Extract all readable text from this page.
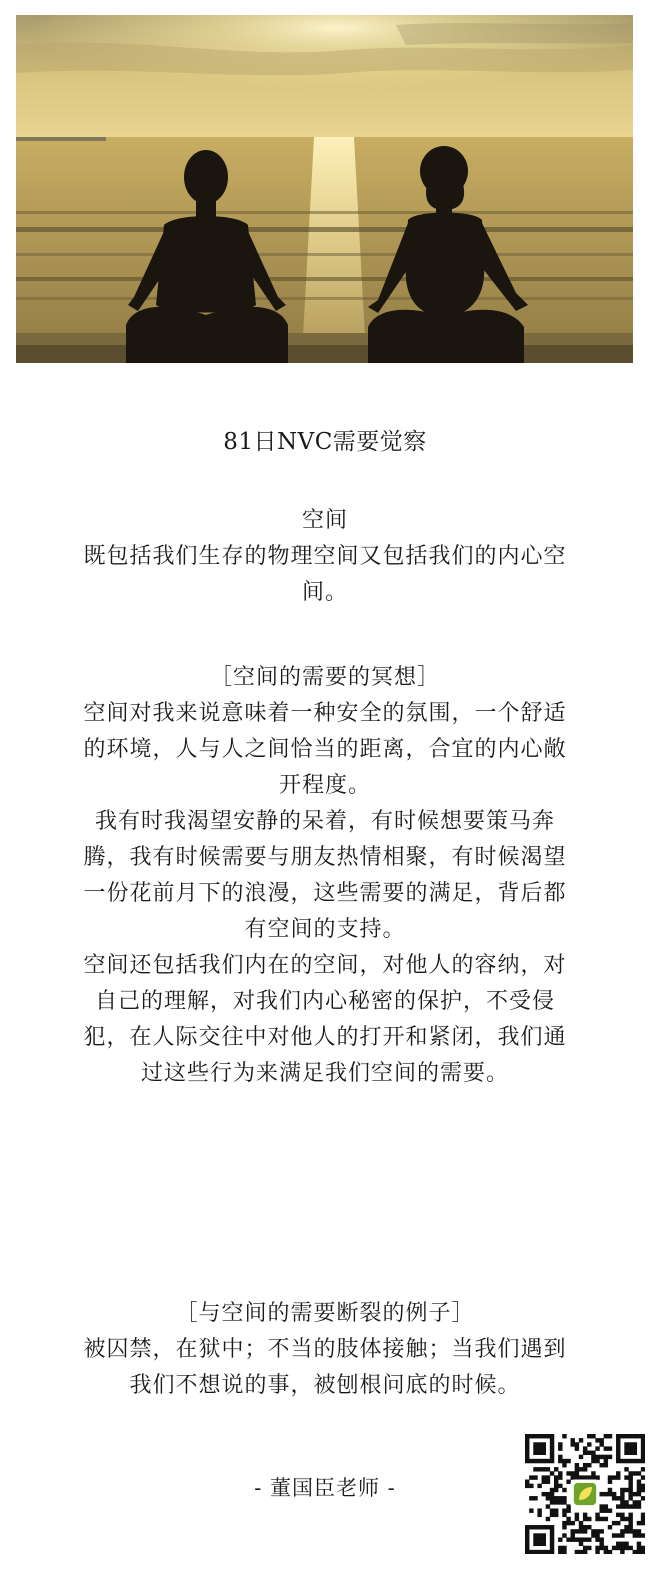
81日NVC需要觉察

空间

既包括我们生存的物理空间又包括我们的内心空间。

［空间的需要的冥想］

空间对我来说意味着一种安全的氛围，一个舒适的环境，人与人之间恰当的距离，合宜的内心敞开程度。

我有时我渴望安静的呆着，有时候想要策马奔腾，我有时候需要与朋友热情相聚，有时候渴望一份花前月下的浪漫，这些需要的满足，背后都有空间的支持。

空间还包括我们内在的空间，对他人的容纳，对自己的理解，对我们内心秘密的保护，不受侵犯，在人际交往中对他人的打开和紧闭，我们通过这些行为来满足我们空间的需要。

［与空间的需要断裂的例子］

被囚禁，在狱中；不当的肢体接触；当我们遇到我们不想说的事，被刨根问底的时候。

- 董国臣老师 -
